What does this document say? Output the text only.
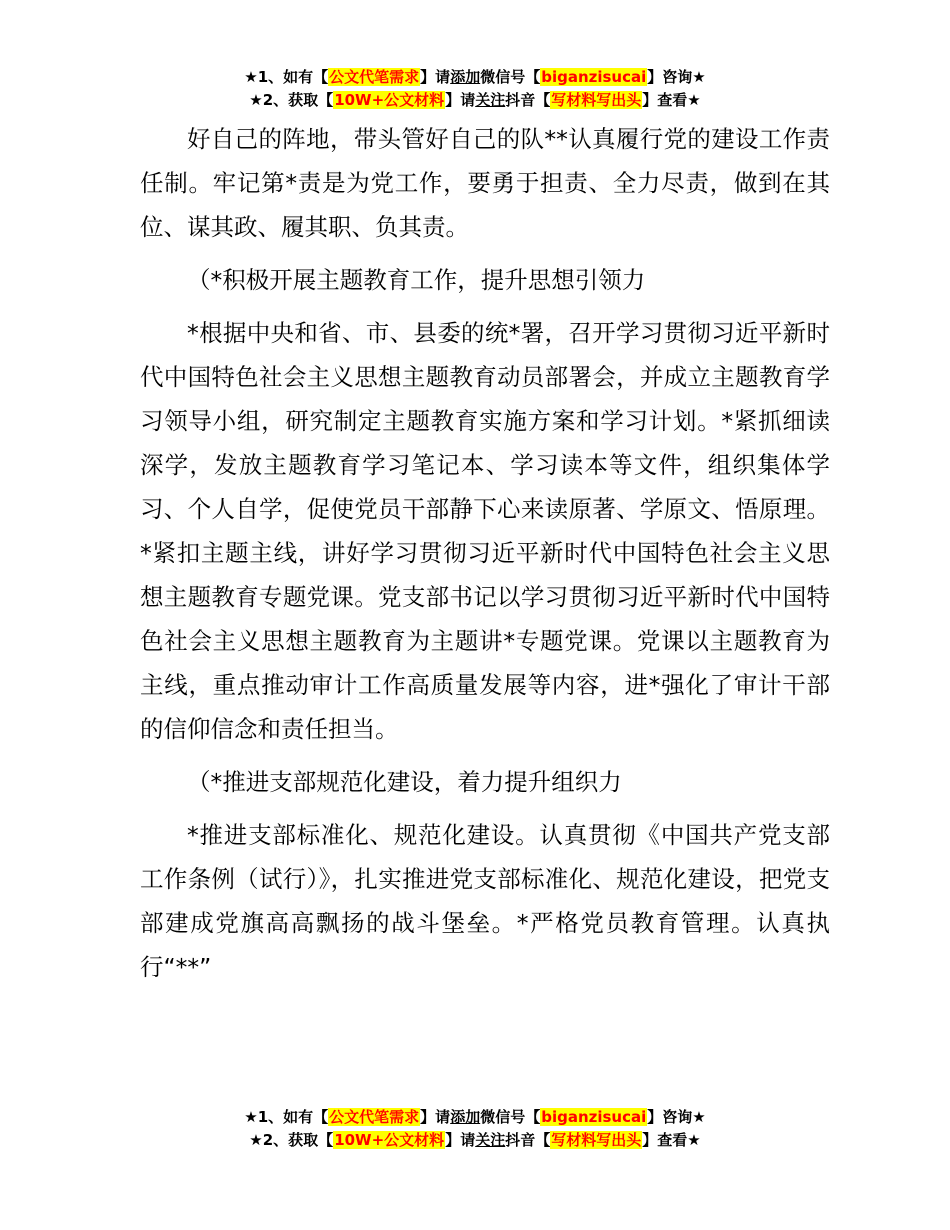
★1、如有【公文代笔需求】请添加微信号【biganzisucai】咨询★
★2、获取【10W+公文材料】请关注抖音【写材料写出头】查看★

好自己的阵地，带头管好自己的队**认真履行党的建设工作责任制。牢记第*责是为党工作，要勇于担责、全力尽责，做到在其位、谋其政、履其职、负其责。

（*积极开展主题教育工作，提升思想引领力

*根据中央和省、市、县委的统*署，召开学习贯彻习近平新时代中国特色社会主义思想主题教育动员部署会，并成立主题教育学习领导小组，研究制定主题教育实施方案和学习计划。*紧抓细读深学，发放主题教育学习笔记本、学习读本等文件，组织集体学习、个人自学，促使党员干部静下心来读原著、学原文、悟原理。*紧扣主题主线，讲好学习贯彻习近平新时代中国特色社会主义思想主题教育专题党课。党支部书记以学习贯彻习近平新时代中国特色社会主义思想主题教育为主题讲*专题党课。党课以主题教育为主线，重点推动审计工作高质量发展等内容，进*强化了审计干部的信仰信念和责任担当。

（*推进支部规范化建设，着力提升组织力

*推进支部标准化、规范化建设。认真贯彻《中国共产党支部工作条例（试行）》，扎实推进党支部标准化、规范化建设，把党支部建成党旗高高飘扬的战斗堡垒。*严格党员教育管理。认真执行“**”

★1、如有【公文代笔需求】请添加微信号【biganzisucai】咨询★
★2、获取【10W+公文材料】请关注抖音【写材料写出头】查看★
